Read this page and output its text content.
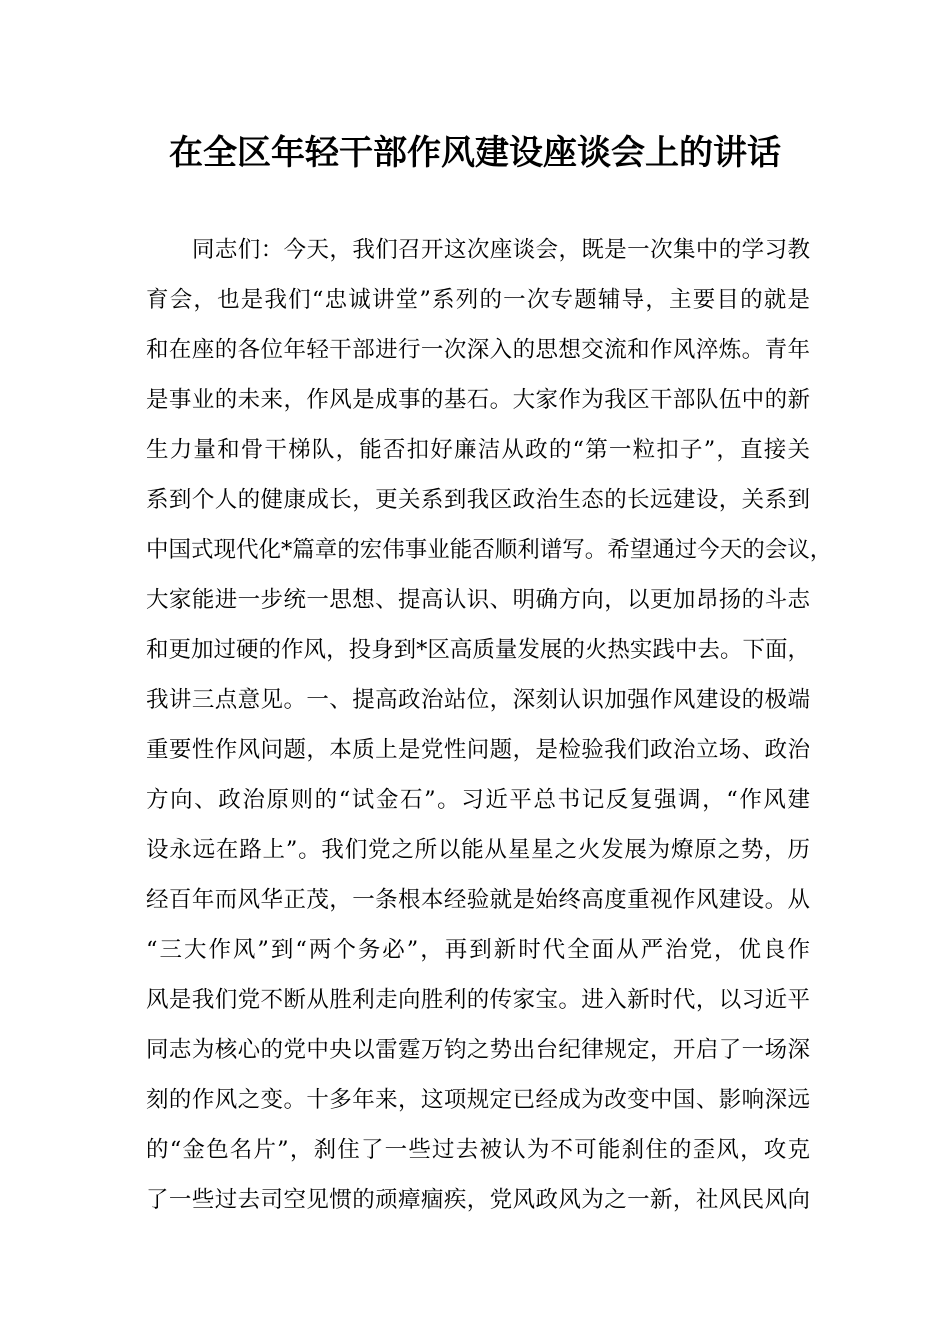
在全区年轻干部作风建设座谈会上的讲话
同志们：今天，我们召开这次座谈会，既是一次集中的学习教
育会，也是我们“忠诚讲堂”系列的一次专题辅导，主要目的就是
和在座的各位年轻干部进行一次深入的思想交流和作风淬炼。青年
是事业的未来，作风是成事的基石。大家作为我区干部队伍中的新
生力量和骨干梯队，能否扣好廉洁从政的“第一粒扣子”，直接关
系到个人的健康成长，更关系到我区政治生态的长远建设，关系到
中国式现代化*篇章的宏伟事业能否顺利谱写。希望通过今天的会议，
大家能进一步统一思想、提高认识、明确方向，以更加昂扬的斗志
和更加过硬的作风，投身到*区高质量发展的火热实践中去。下面，
我讲三点意见。一、提高政治站位，深刻认识加强作风建设的极端
重要性作风问题，本质上是党性问题，是检验我们政治立场、政治
方向、政治原则的“试金石”。习近平总书记反复强调，“作风建
设永远在路上”。我们党之所以能从星星之火发展为燎原之势，历
经百年而风华正茂，一条根本经验就是始终高度重视作风建设。从
“三大作风”到“两个务必”，再到新时代全面从严治党，优良作
风是我们党不断从胜利走向胜利的传家宝。进入新时代，以习近平
同志为核心的党中央以雷霆万钧之势出台纪律规定，开启了一场深
刻的作风之变。十多年来，这项规定已经成为改变中国、影响深远
的“金色名片”，刹住了一些过去被认为不可能刹住的歪风，攻克
了一些过去司空见惯的顽瘴痼疾，党风政风为之一新，社风民风向
